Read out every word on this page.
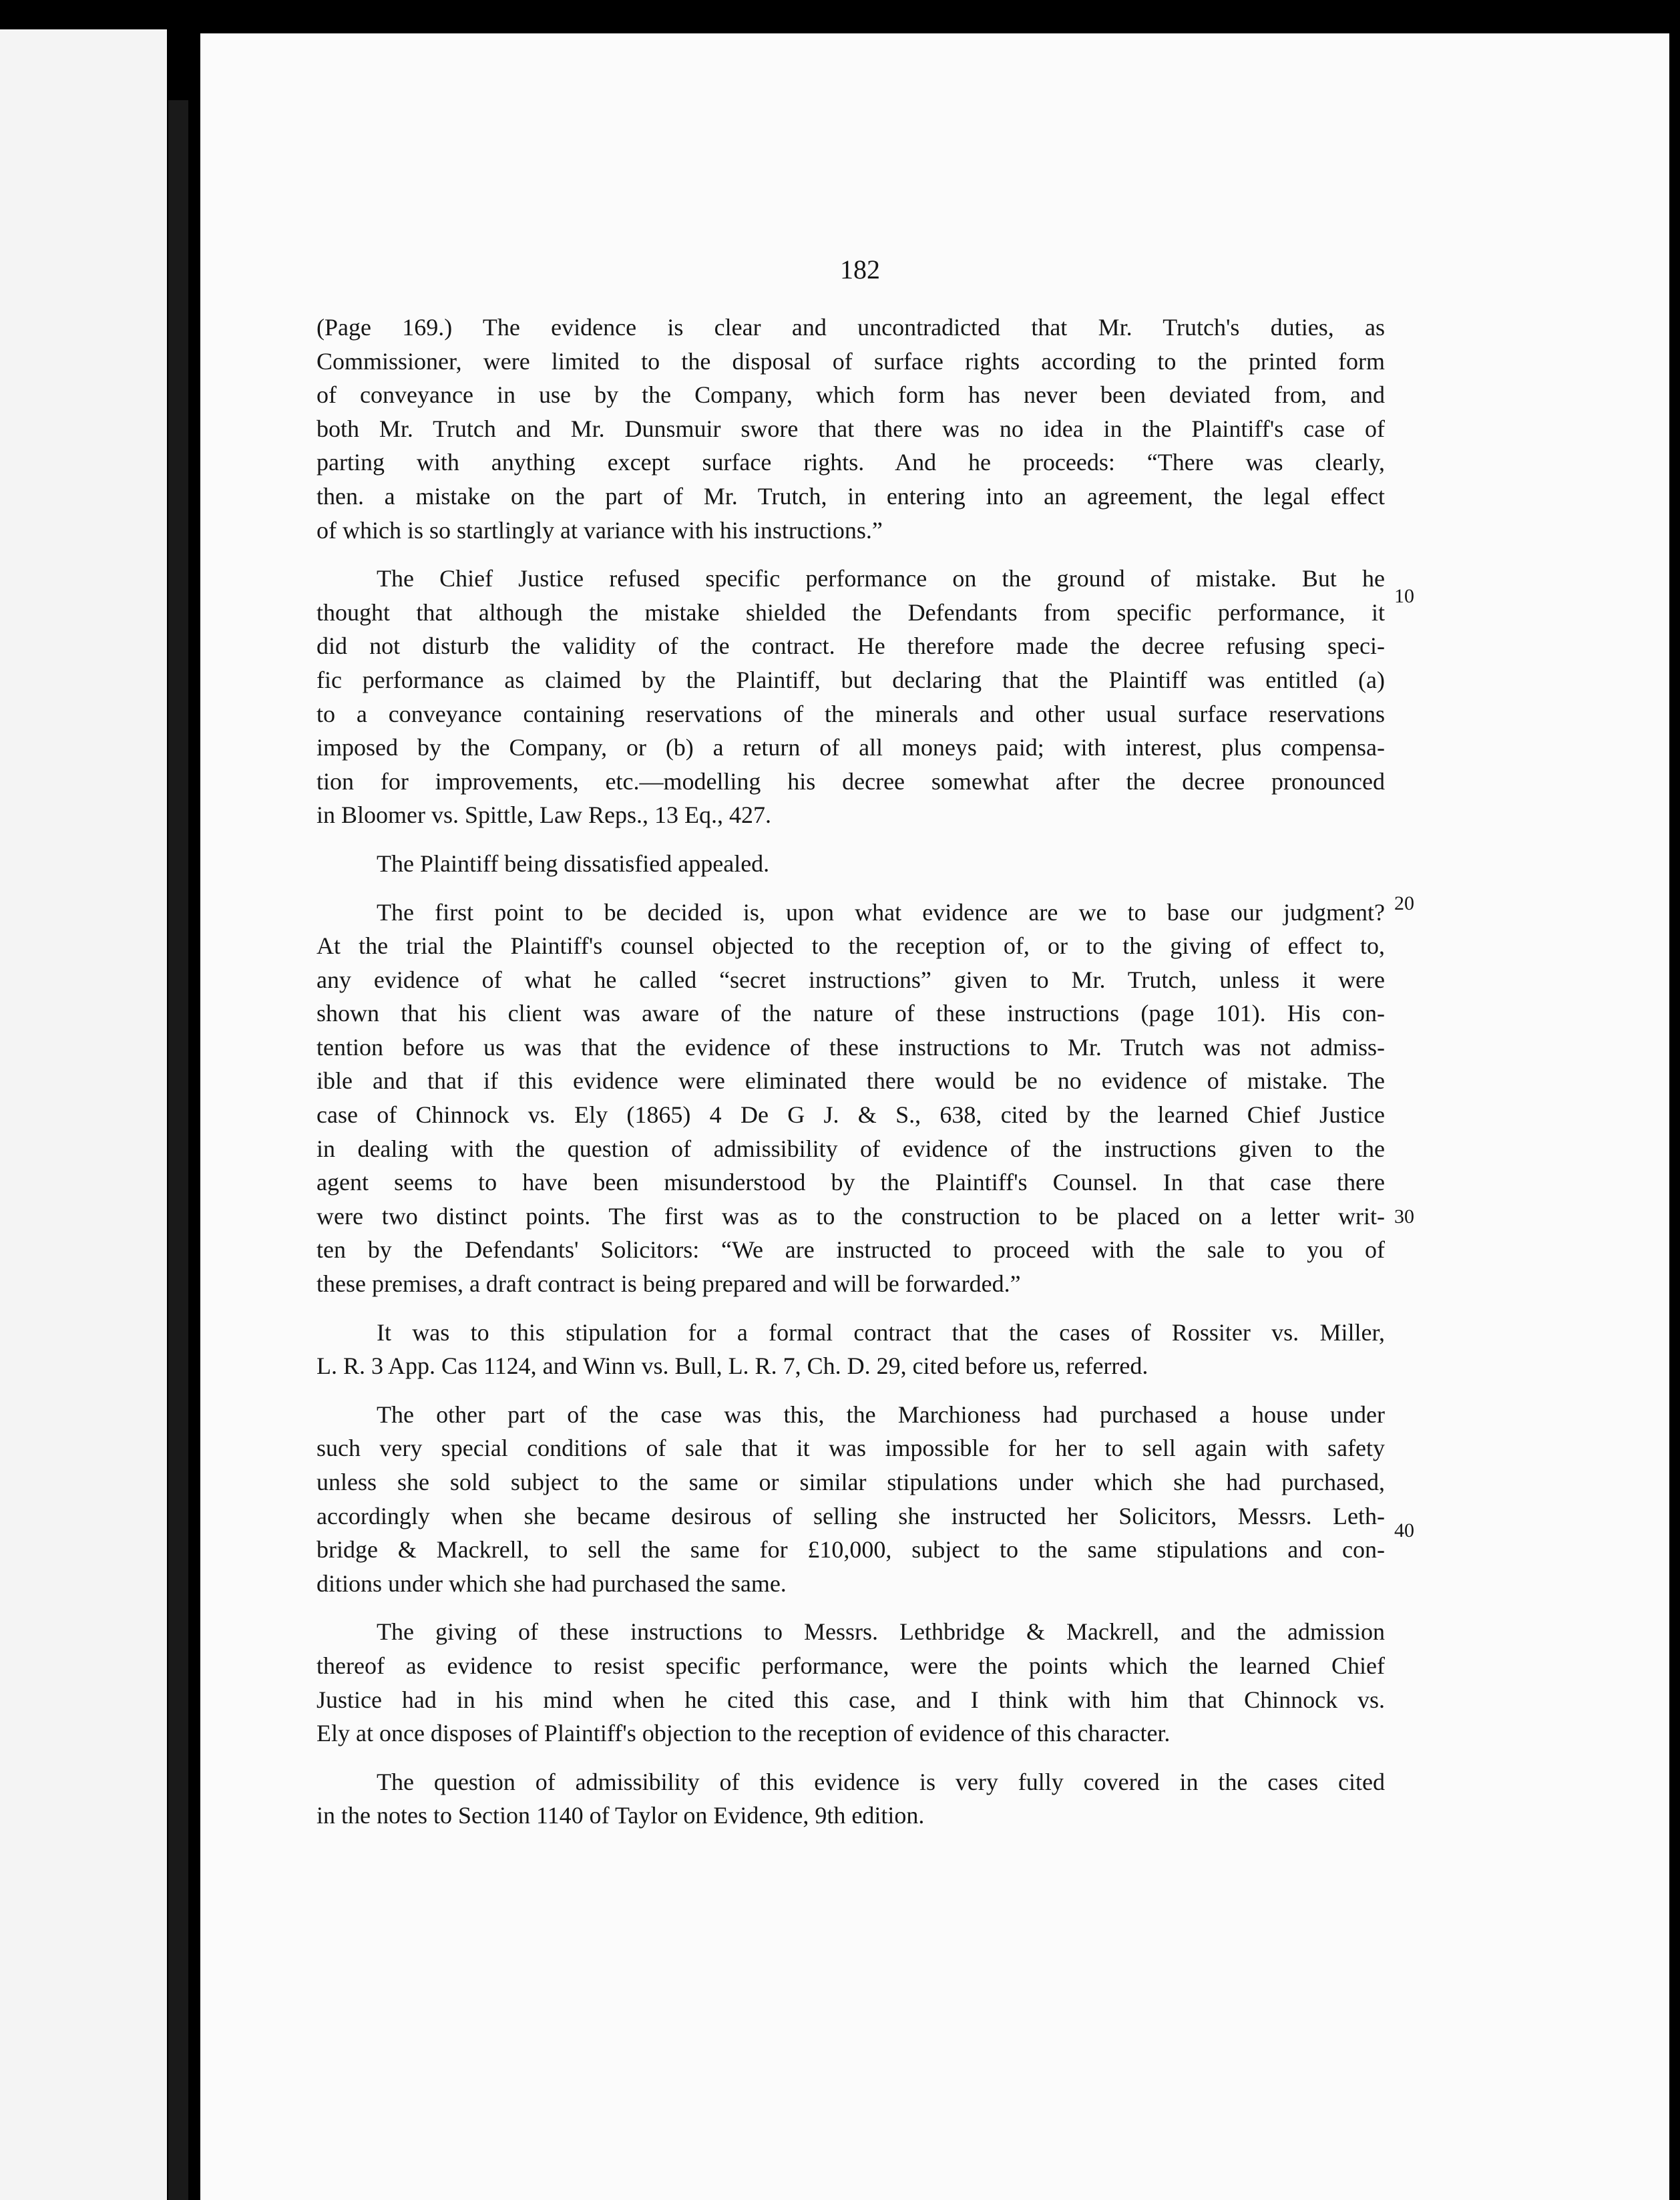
182
(Page 169.) The evidence is clear and uncontradicted that Mr. Trutch's duties, as
Commissioner, were limited to the disposal of surface rights according to the printed form
of conveyance in use by the Company, which form has never been deviated from, and
both Mr. Trutch and Mr. Dunsmuir swore that there was no idea in the Plaintiff's case of
parting with anything except surface rights. And he proceeds: “There was clearly,
then. a mistake on the part of Mr. Trutch, in entering into an agreement, the legal effect
of which is so startlingly at variance with his instructions.”
The Chief Justice refused specific performance on the ground of mistake. But he
thought that although the mistake shielded the Defendants from specific performance, it
did not disturb the validity of the contract. He therefore made the decree refusing speci-
fic performance as claimed by the Plaintiff, but declaring that the Plaintiff was entitled (a)
to a conveyance containing reservations of the minerals and other usual surface reservations
imposed by the Company, or (b) a return of all moneys paid; with interest, plus compensa-
tion for improvements, etc.—modelling his decree somewhat after the decree pronounced
in Bloomer vs. Spittle, Law Reps., 13 Eq., 427.
The Plaintiff being dissatisfied appealed.
The first point to be decided is, upon what evidence are we to base our judgment?
At the trial the Plaintiff's counsel objected to the reception of, or to the giving of effect to,
any evidence of what he called “secret instructions” given to Mr. Trutch, unless it were
shown that his client was aware of the nature of these instructions (page 101). His con-
tention before us was that the evidence of these instructions to Mr. Trutch was not admiss-
ible and that if this evidence were eliminated there would be no evidence of mistake. The
case of Chinnock vs. Ely (1865) 4 De G J. & S., 638, cited by the learned Chief Justice
in dealing with the question of admissibility of evidence of the instructions given to the
agent seems to have been misunderstood by the Plaintiff's Counsel. In that case there
were two distinct points. The first was as to the construction to be placed on a letter writ-
ten by the Defendants' Solicitors: “We are instructed to proceed with the sale to you of
these premises, a draft contract is being prepared and will be forwarded.”
It was to this stipulation for a formal contract that the cases of Rossiter vs. Miller,
L. R. 3 App. Cas 1124, and Winn vs. Bull, L. R. 7, Ch. D. 29, cited before us, referred.
The other part of the case was this, the Marchioness had purchased a house under
such very special conditions of sale that it was impossible for her to sell again with safety
unless she sold subject to the same or similar stipulations under which she had purchased,
accordingly when she became desirous of selling she instructed her Solicitors, Messrs. Leth-
bridge & Mackrell, to sell the same for £10,000, subject to the same stipulations and con-
ditions under which she had purchased the same.
The giving of these instructions to Messrs. Lethbridge & Mackrell, and the admission
thereof as evidence to resist specific performance, were the points which the learned Chief
Justice had in his mind when he cited this case, and I think with him that Chinnock vs.
Ely at once disposes of Plaintiff's objection to the reception of evidence of this character.
The question of admissibility of this evidence is very fully covered in the cases cited
in the notes to Section 1140 of Taylor on Evidence, 9th edition.
10
20
30
40
